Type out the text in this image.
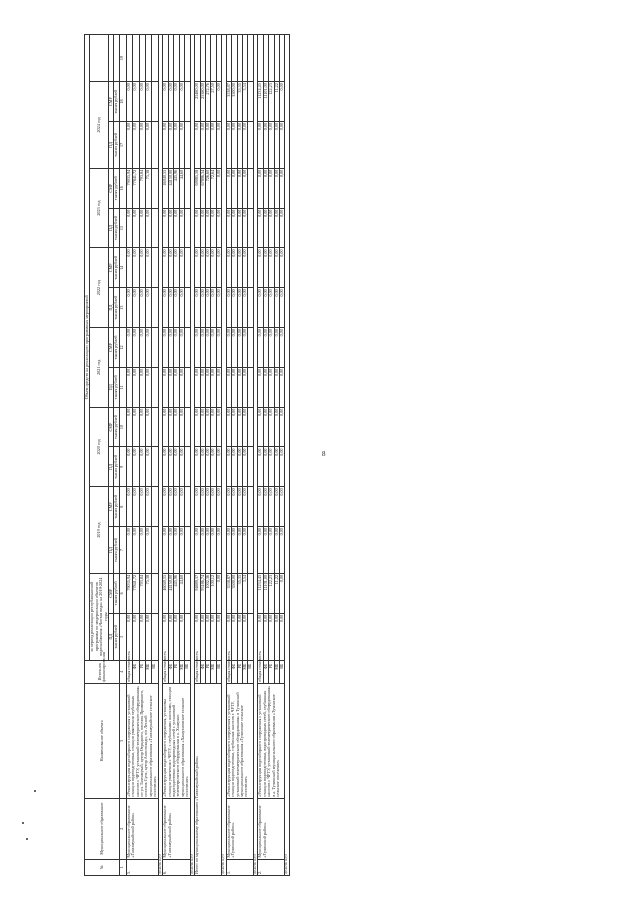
8
№	Муниципальное образование	Наименование объекта	Источник финансирования	Объем средств на реализацию программных мероприятий														
				за период реализации республиканской программы по модернизации объектов водоснабжения «Чистая вода» на 2019-2024 годы		2019 год		2020 год		2021 год		2022 год		2023 год		2024 год		
				ПД	СМР	ПД	СМР	ПД	СМР	ПД	СМР	ПД	СМР	ПД	СМР	ПД	СМР	
				тысяч рублей	тысяч рублей	тысяч рублей	тысяч рублей	тысяч рублей	тысяч рублей	тысяч рублей	тысяч рублей	тысяч рублей	тысяч рублей	тысяч рублей	тысяч рублей	тысяч рублей	тысяч рублей	
1	2	3	4	5	6	7	8	9	10	11	12	13	14	15	16	17	18	19
5.	Муниципальное образование «Тахтамукайский район»	«Реконструкция водозаборного сооружения с установкой станции водоподготовки, станции умягчения глубинных насосов с ЧРТУ, установкой телеметрического оборудования» по ул. Тахтамукай, хутор Отрадного, поселок Приморского, поселок Супс, хутор Апостолиди, п/о Лесной муниципального образования «Тахтамукайское сельское поселение»	общая стоимость	0,00	79035,94	0,00	0,00	0,00	0,00	0,00	0,00	0,00	0,00	0,00	79035,94	0,00	0,00	
			ФБ	0,00	77841,72	0,00	0,00	0,00	0,00	0,00	0,00	0,00	0,00	0,00	77841,72	0,00	0,00	
			РБ	0,00	793,84	0,00	0,00	0,00	0,00	0,00	0,00	0,00	0,00	0,00	793,84	0,00	0,00	
			МБ	0,00	75,38	0,00	0,00	0,00	0,00	0,00	0,00	0,00	0,00	0,00	75,38	0,00	0,00	
			ВБ															
ДЕЖНК НД 8																		
6.	Муниципальное образование «Тахтамукайский район»	«Реконструкция водозаборного сооружения, установка станции умягчения с ЧРТУ, с глубинными насосами, станции водоподготовки водопроводных сетей с установкой телеметрического оборудования в а. Хашухно муниципального образования «Хашухновское сельское поселение»	общая стоимость	0,00	46040,55	0,00	0,00	0,00	0,00	0,00	0,00	0,00	0,00	0,00	46040,55	0,00	0,00	
			ФБ	0,00	44150,00	0,00	0,00	0,00	0,00	0,00	0,00	0,00	0,00	0,00	44150,00	0,00	0,00	
			РБ	0,00	445,96	0,00	0,00	0,00	0,00	0,00	0,00	0,00	0,00	0,00	445,96	0,00	0,00	
			МБ	0,00	44,60	0,00	0,00	0,00	0,00	0,00	0,00	0,00	0,00	0,00	44,60	0,00	0,00	
			ВБ															
ДЕЖНК НД 8																		
Итого по муниципальному образованию «Тахтамукайский район»			общая стоимость	0,00	94889,37	0,00	0,00	0,00	0,00	0,00	0,00	0,00	0,00	0,00	69085,58	0,00	25480,00	
			ФБ	0,00	93186,74	0,00	0,00	0,00	0,00	0,00	0,00	0,00	0,00	0,00	67896,34	0,00	25380,00	
			РБ	0,00	1002,36	0,00	0,00	0,00	0,00	0,00	0,00	0,00	0,00	0,00	726,60	0,00	272,76	
			МБ	0,00	100,12	0,00	0,00	0,00	0,00	0,00	0,00	0,00	0,00	0,00	72,64	0,00	27,50	
			ВБ	0,00	0,00	0,00	0,00	0,00	0,00	0,00	0,00	0,00	0,00	0,00	0,00	0,00	0,00	
ДЕЖНК НД 8																		
1.	Муниципальное образование «Тучинский район»	«Реконструкция водозаборного сооружения с установкой станции водоподготовки, глубинных насосов с ЧРТУ, установкой телеметрического оборудования» в Тучинский муниципального образования «Тучинское сельское поселение»	общая стоимость	0,00	3538,87	0,00	0,00	0,00	0,00	0,00	0,00	0,00	0,00	0,00	0,00	0,00	3538,87	
			ФБ	0,00	3500,00	0,00	0,00	0,00	0,00	0,00	0,00	0,00	0,00	0,00	0,00	0,00	3500,00	
			РБ	0,00	35,35	0,00	0,00	0,00	0,00	0,00	0,00	0,00	0,00	0,00	0,00	0,00	35,35	
			МБ	0,00	3,54	0,00	0,00	0,00	0,00	0,00	0,00	0,00	0,00	0,00	0,00	0,00	3,54	
			ВБ															
ДЕЖНК НД 8																		
2.	Муниципальное образование «Тучинский район»	«Реконструкция водозаборного сооружения с установкой станции водоподготовки, водопроводных сетей, глубинных насосов с ЧРТУ, установкой телеметрического оборудования» в а. Тучинский муниципального образования «Тучинское сельское поселение»	общая стоимость	0,00	11234,45	0,00	0,00	0,00	0,00	0,00	0,00	0,00	0,00	0,00	0,00	0,00	11234,45	
			ФБ	0,00	11101,00	0,00	0,00	0,00	0,00	0,00	0,00	0,00	0,00	0,00	0,00	0,00	11101,00	
			РБ	0,00	122,23	0,00	0,00	0,00	0,00	0,00	0,00	0,00	0,00	0,00	0,00	0,00	122,23	
			МБ	0,00	11,22	0,00	0,00	0,00	0,00	0,00	0,00	0,00	0,00	0,00	0,00	0,00	11,22	
			ВБ	0,00	0,00	0,00	0,00	0,00	0,00	0,00	0,00	0,00	0,00	0,00	0,00	0,00	0,00	
ДЕЖНК НД 8																		
